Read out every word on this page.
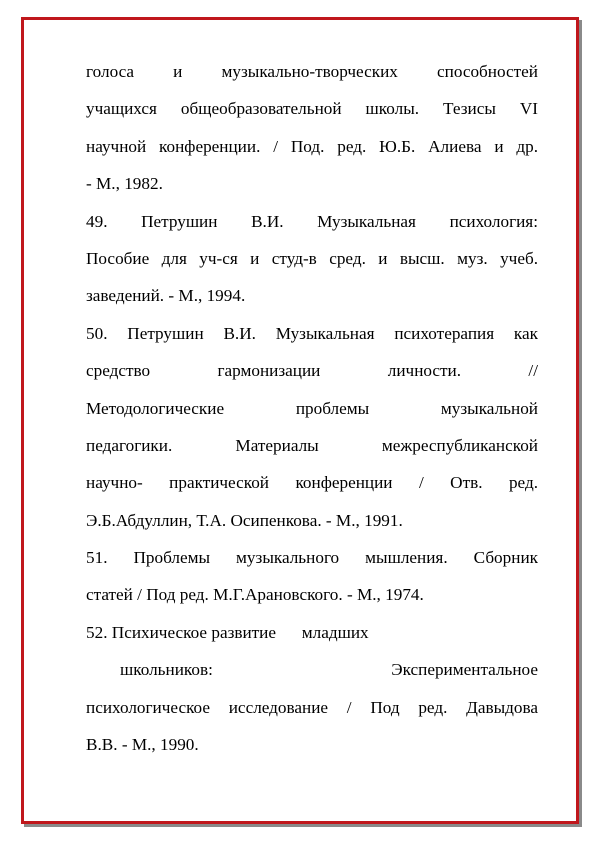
голоса и музыкально-творческих способностей
учащихся общеобразовательной школы. Тезисы VI
научной конференции. / Под. ред. Ю.Б. Алиева и др.
- М., 1982.
49. Петрушин В.И. Музыкальная психология:
Пособие для уч-ся и студ-в сред. и высш. муз. учеб.
заведений. - М., 1994.
50. Петрушин В.И. Музыкальная психотерапия как
средство гармонизации личности. //
Методологические проблемы музыкальной
педагогики. Материалы межреспубликанской
научно- практической конференции / Отв. ред.
Э.Б.Абдуллин, Т.А. Осипенкова. - М., 1991.
51. Проблемы музыкального мышления. Сборник
статей / Под ред. М.Г.Арановского. - М., 1974.
52. Психическое развитие      младших
школьников: Экспериментальное
психологическое исследование / Под ред. Давыдова
В.В. - М., 1990.
